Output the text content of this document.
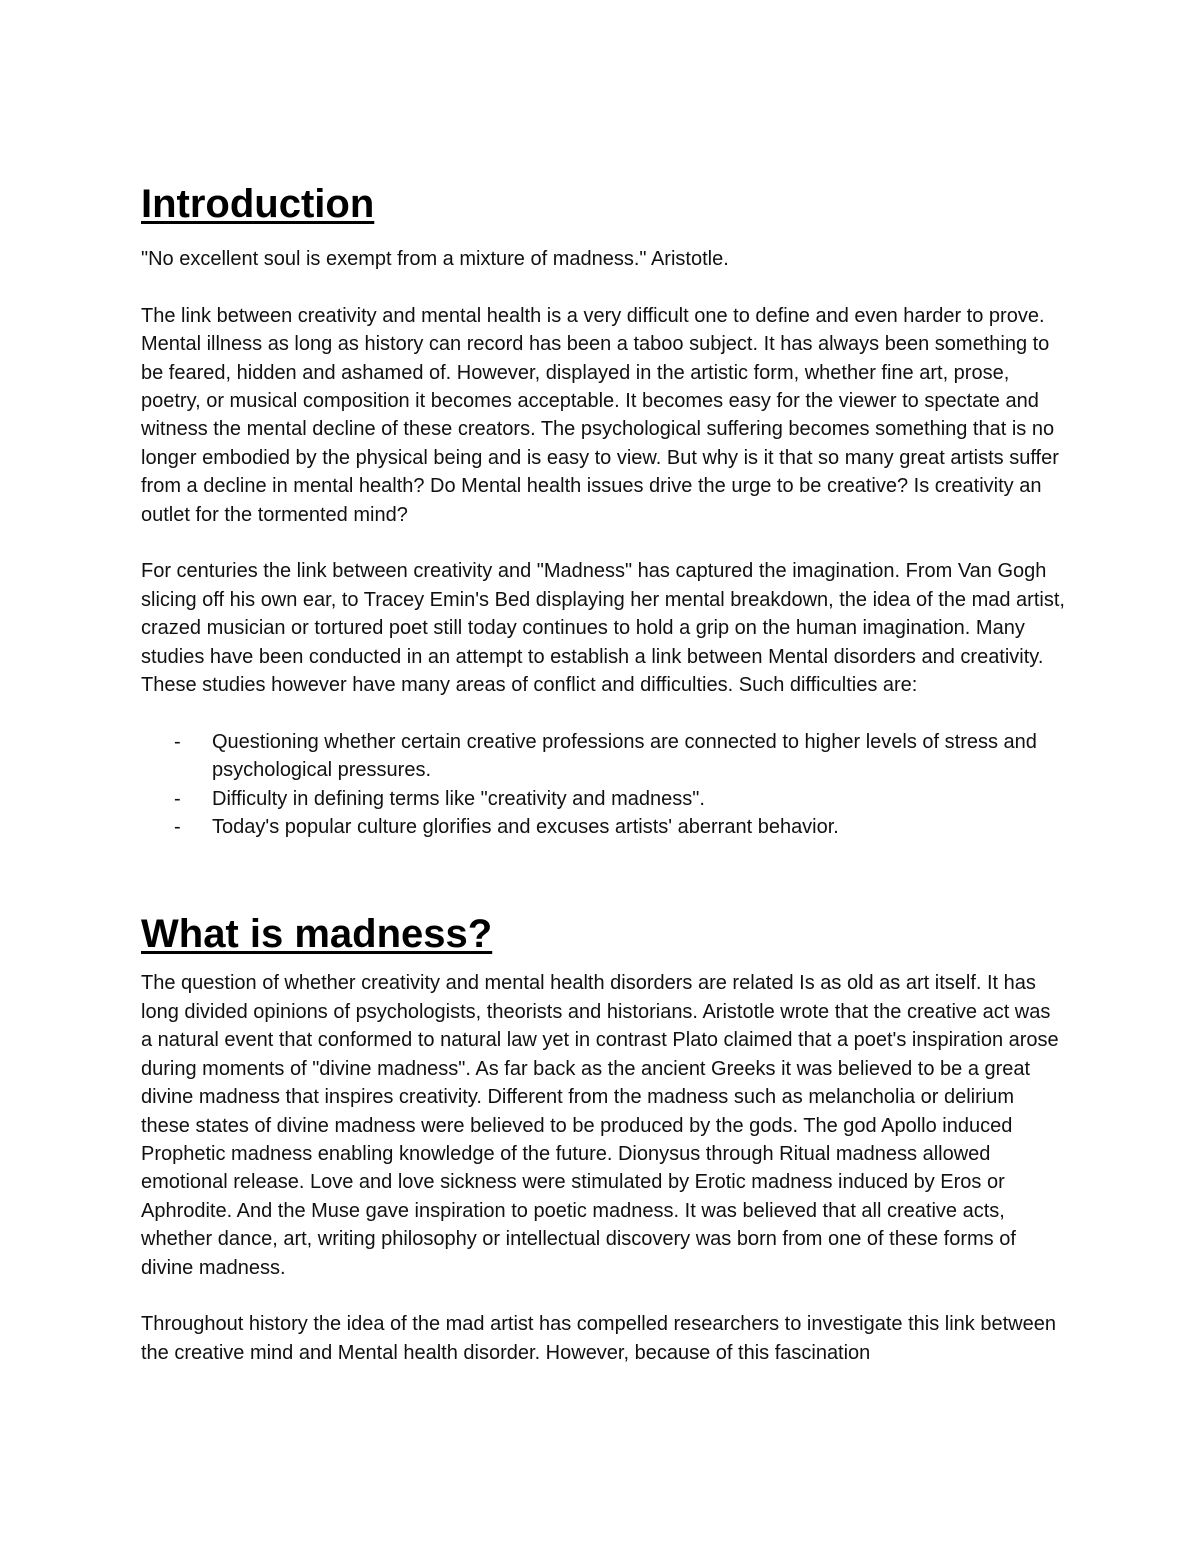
Introduction

"No excellent soul is exempt from a mixture of madness." Aristotle.

The link between creativity and mental health is a very difficult one to define and even harder to prove. Mental illness as long as history can record has been a taboo subject. It has always been something to be feared, hidden and ashamed of. However, displayed in the artistic form, whether fine art, prose, poetry, or musical composition it becomes acceptable. It becomes easy for the viewer to spectate and witness the mental decline of these creators. The psychological suffering becomes something that is no longer embodied by the physical being and is easy to view. But why is it that so many great artists suffer from a decline in mental health? Do Mental health issues drive the urge to be creative? Is creativity an outlet for the tormented mind?

For centuries the link between creativity and "Madness" has captured the imagination. From Van Gogh slicing off his own ear, to Tracey Emin's Bed displaying her mental breakdown, the idea of the mad artist, crazed musician or tortured poet still today continues to hold a grip on the human imagination. Many studies have been conducted in an attempt to establish a link between Mental disorders and creativity. These studies however have many areas of conflict and difficulties. Such difficulties are:

- Questioning whether certain creative professions are connected to higher levels of stress and psychological pressures.
- Difficulty in defining terms like "creativity and madness".
- Today's popular culture glorifies and excuses artists' aberrant behavior.
What is madness?

The question of whether creativity and mental health disorders are related Is as old as art itself. It has long divided opinions of psychologists, theorists and historians. Aristotle wrote that the creative act was a natural event that conformed to natural law yet in contrast Plato claimed that a poet's inspiration arose during moments of "divine madness". As far back as the ancient Greeks it was believed to be a great divine madness that inspires creativity. Different from the madness such as melancholia or delirium these states of divine madness were believed to be produced by the gods. The god Apollo induced Prophetic madness enabling knowledge of the future. Dionysus through Ritual madness allowed emotional release. Love and love sickness were stimulated by Erotic madness induced by Eros or Aphrodite. And the Muse gave inspiration to poetic madness. It was believed that all creative acts, whether dance, art, writing philosophy or intellectual discovery was born from one of these forms of divine madness.

Throughout history the idea of the mad artist has compelled researchers to investigate this link between the creative mind and Mental health disorder. However, because of this fascination
